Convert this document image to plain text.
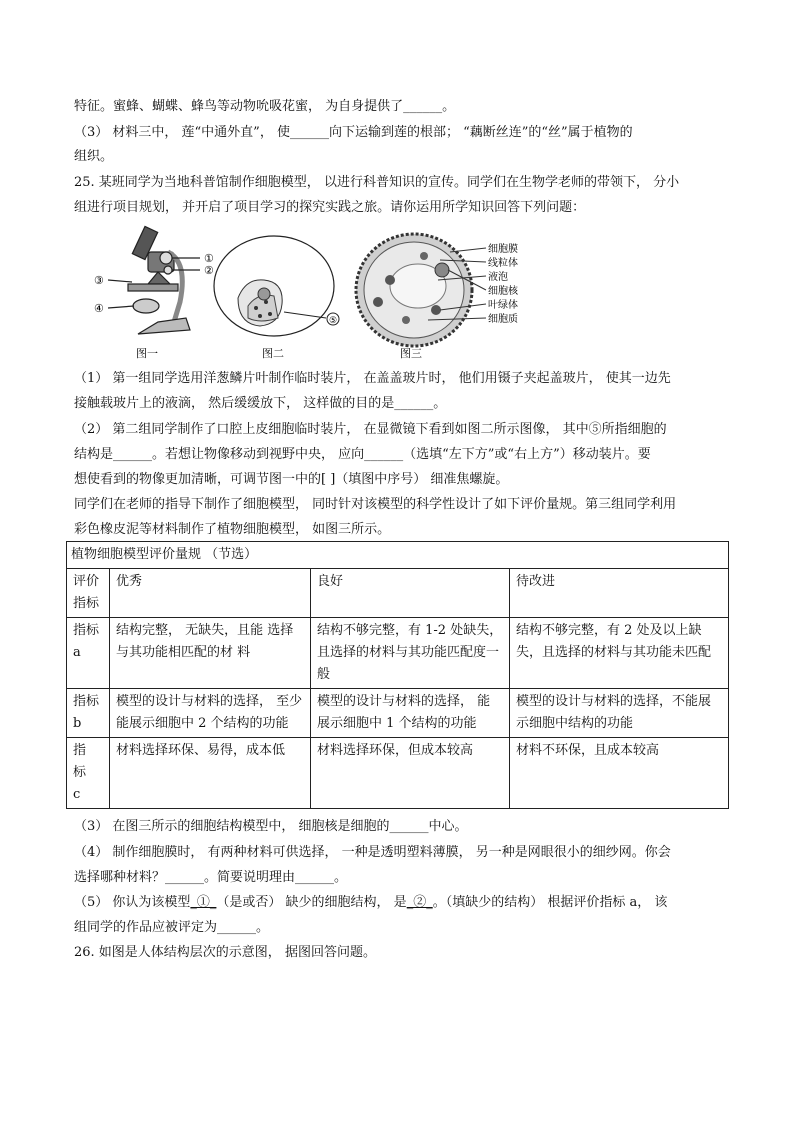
特征。蜜蜂、蝴蝶、蜂鸟等动物吮吸花蜜， 为自身提供了______。
（3） 材料三中， 莲“中通外直”， 使______向下运输到莲的根部； “藕断丝连”的“丝”属于植物的
组织。
25. 某班同学为当地科普馆制作细胞模型， 以进行科普知识的宣传。同学们在生物学老师的带领下， 分小
组进行项目规划， 并开启了项目学习的探究实践之旅。请你运用所学知识回答下列问题：
①
②
③
④
图一
⑤
图二
细胞膜
线粒体
液泡
细胞核
叶绿体
细胞质
图三
（1） 第一组同学选用洋葱鳞片叶制作临时装片， 在盖盖玻片时， 他们用镊子夹起盖玻片， 使其一边先
接触载玻片上的液滴， 然后缓缓放下， 这样做的目的是______。
（2） 第二组同学制作了口腔上皮细胞临时装片， 在显微镜下看到如图二所示图像， 其中⑤所指细胞的
结构是______。若想让物像移动到视野中央， 应向______（选填“左下方”或“右上方”）移动装片。要
想使看到的物像更加清晰，可调节图一中的[ ]（填图中序号） 细准焦螺旋。
同学们在老师的指导下制作了细胞模型， 同时针对该模型的科学性设计了如下评价量规。第三组同学利用
彩色橡皮泥等材料制作了植物细胞模型， 如图三所示。
植物细胞模型评价量规 （节选）			
评价
指标	优秀	良好	待改进
指标
a	结构完整， 无缺失，且能 选择与其功能相匹配的材 料	结构不够完整，有 1-2 处缺失，且选择的材料与其功能匹配度一般	结构不够完整，有 2 处及以上缺失，且选择的材料与其功能未匹配
指标
b	模型的设计与材料的选择， 至少能展示细胞中 2 个结构的功能	模型的设计与材料的选择， 能展示细胞中 1 个结构的功能	模型的设计与材料的选择，不能展示细胞中结构的功能
指 标
c	材料选择环保、易得，成本低	材料选择环保，但成本较高	材料不环保，且成本较高
（3） 在图三所示的细胞结构模型中， 细胞核是细胞的______中心。
（4） 制作细胞膜时， 有两种材料可供选择， 一种是透明塑料薄膜， 另一种是网眼很小的细纱网。你会
选择哪种材料？______。简要说明理由______。
（5） 你认为该模型_①_（是或否） 缺少的细胞结构， 是_②_。（填缺少的结构） 根据评价指标 a， 该
组同学的作品应被评定为______。
26. 如图是人体结构层次的示意图， 据图回答问题。
